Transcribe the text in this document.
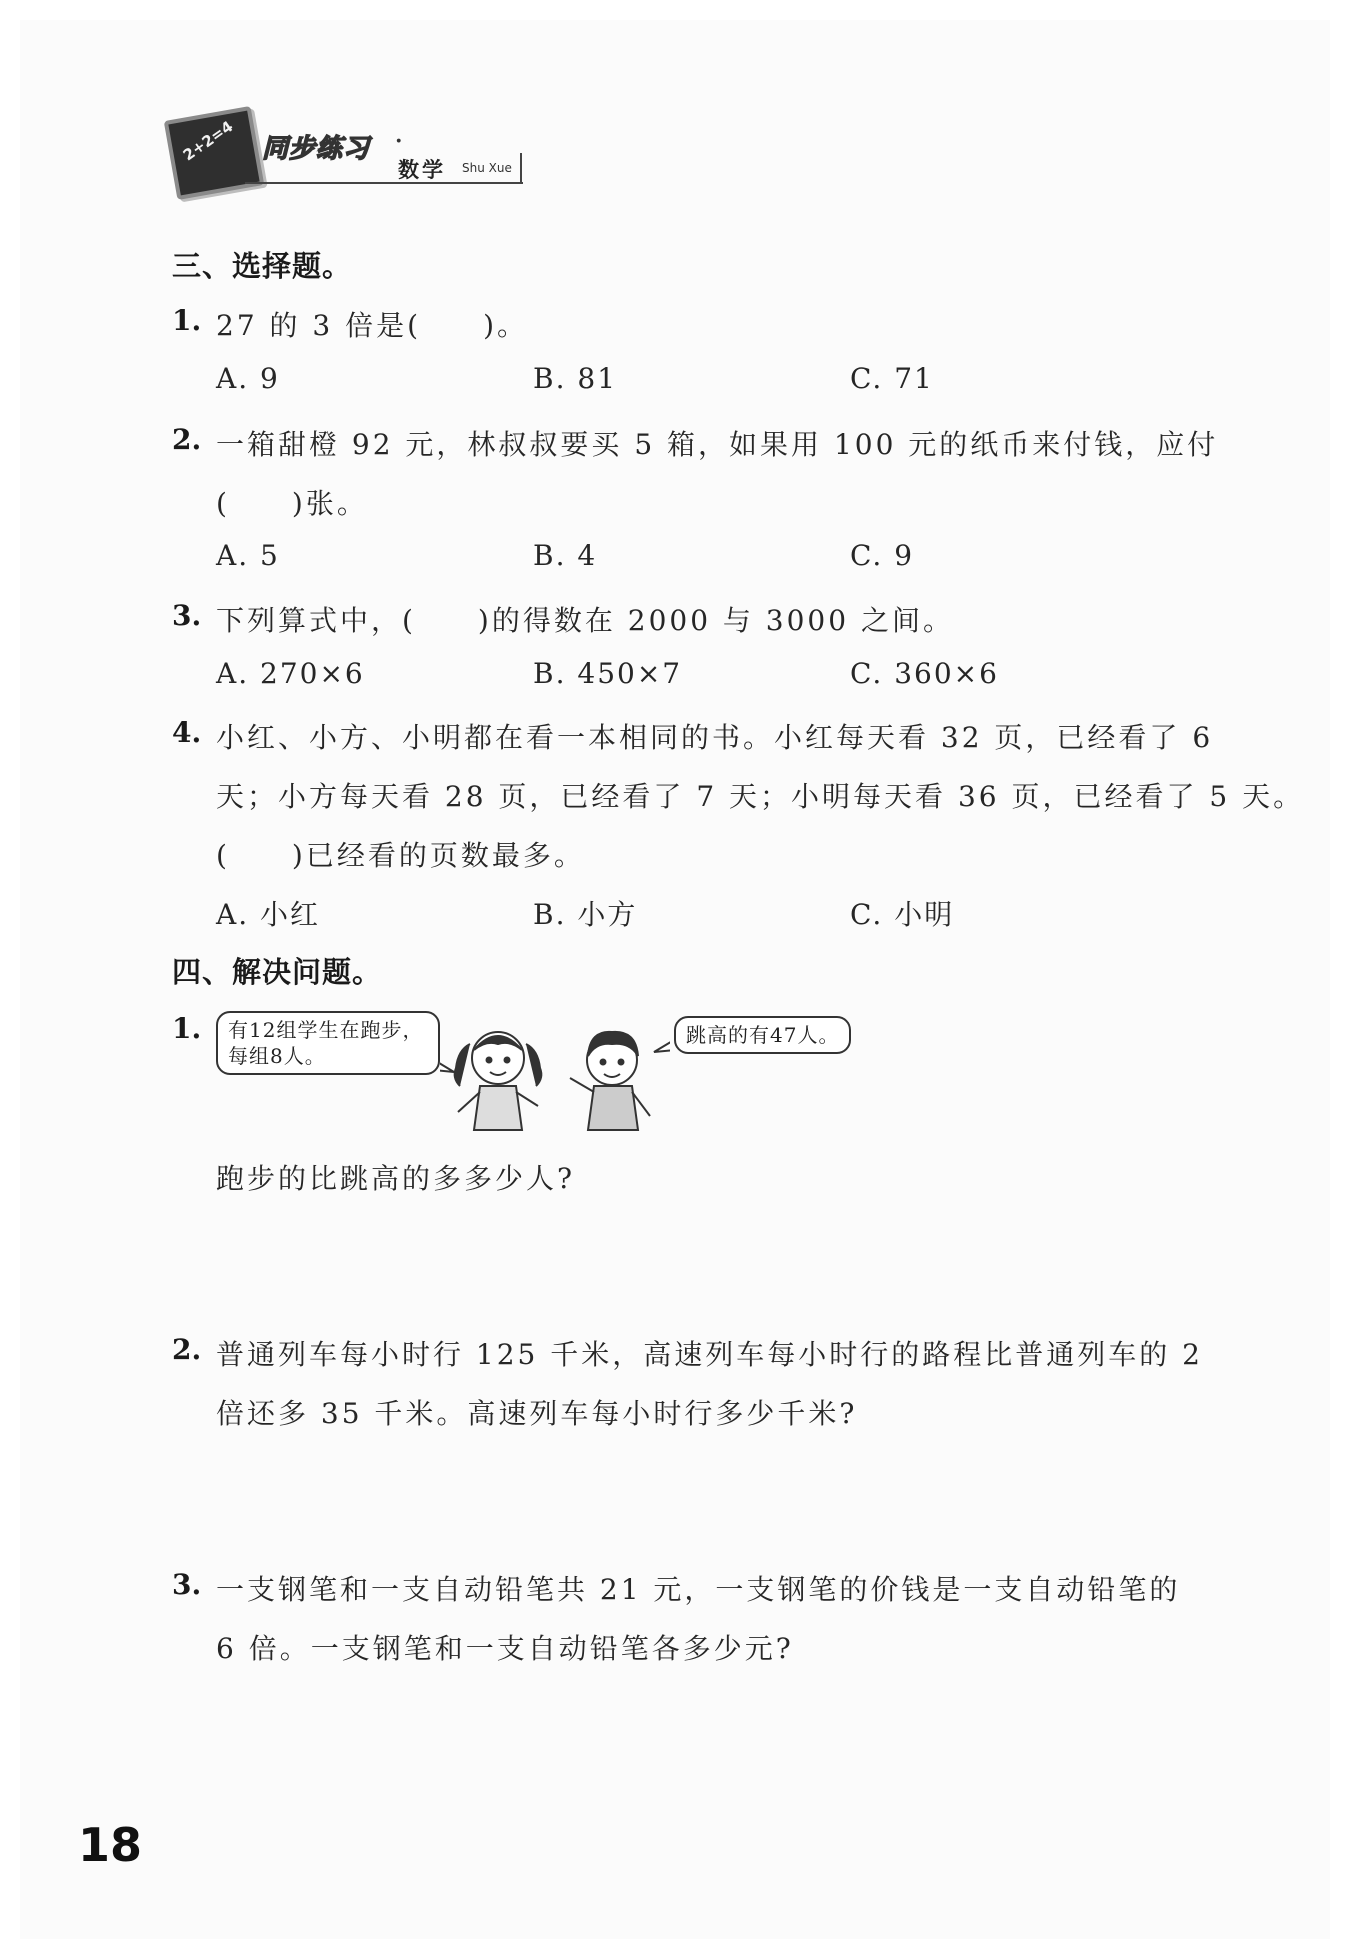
2+2=4 同步练习 ·
数学 Shu Xue
三、选择题。
1. 27 的 3 倍是(　　)。
A. 9	B. 81	C. 71
2. 一箱甜橙 92 元，林叔叔要买 5 箱，如果用 100 元的纸币来付钱，应付
(　　)张。
A. 5	B. 4	C. 9
3. 下列算式中，(　　)的得数在 2000 与 3000 之间。
A. 270×6	B. 450×7	C. 360×6
4. 小红、小方、小明都在看一本相同的书。小红每天看 32 页，已经看了 6
天；小方每天看 28 页，已经看了 7 天；小明每天看 36 页，已经看了 5 天。
(　　)已经看的页数最多。
A. 小红	B. 小方	C. 小明
四、解决问题。
1.	有12组学生在跑步，
每组8人。
跳高的有47人。
跑步的比跳高的多多少人?
2. 普通列车每小时行 125 千米，高速列车每小时行的路程比普通列车的 2
倍还多 35 千米。高速列车每小时行多少千米?
3. 一支钢笔和一支自动铅笔共 21 元，一支钢笔的价钱是一支自动铅笔的
6 倍。一支钢笔和一支自动铅笔各多少元?
18
